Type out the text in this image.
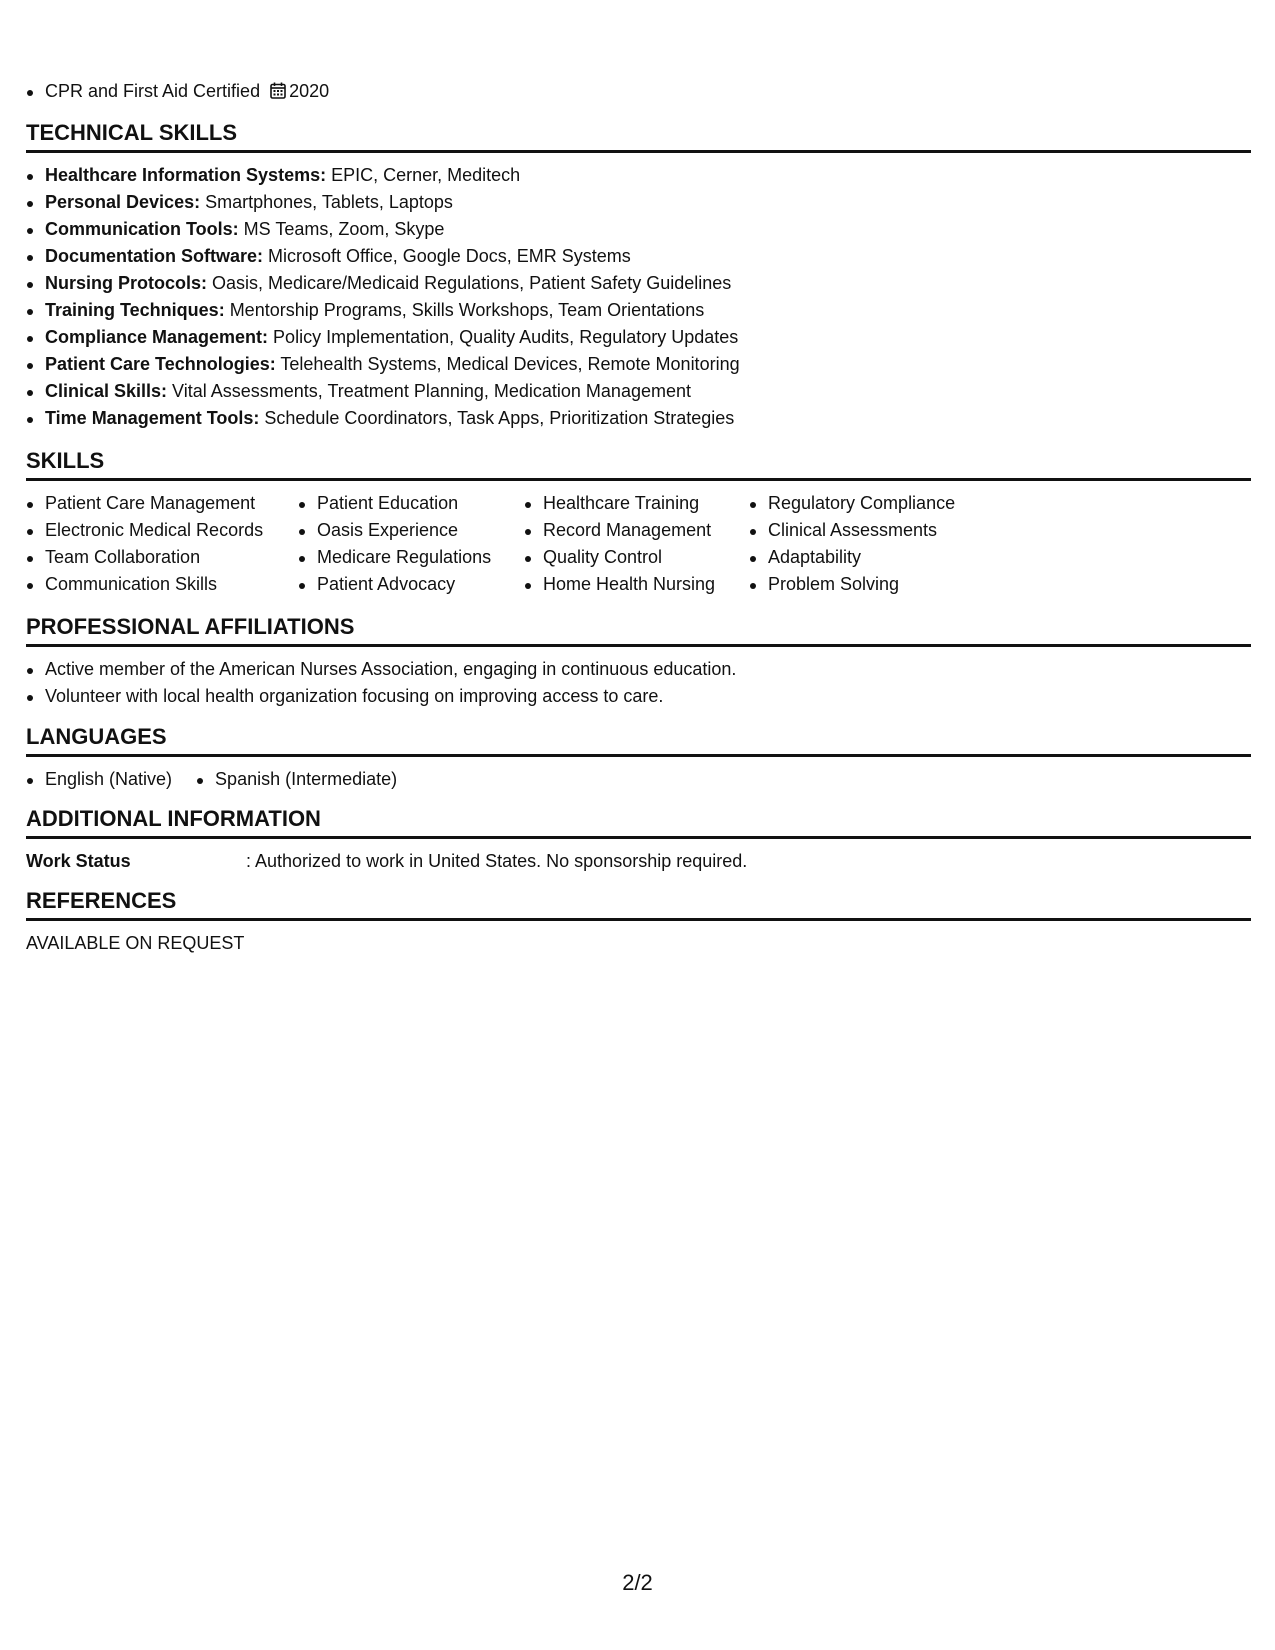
CPR and First Aid Certified 2020
TECHNICAL SKILLS
Healthcare Information Systems: EPIC, Cerner, Meditech
Personal Devices: Smartphones, Tablets, Laptops
Communication Tools: MS Teams, Zoom, Skype
Documentation Software: Microsoft Office, Google Docs, EMR Systems
Nursing Protocols: Oasis, Medicare/Medicaid Regulations, Patient Safety Guidelines
Training Techniques: Mentorship Programs, Skills Workshops, Team Orientations
Compliance Management: Policy Implementation, Quality Audits, Regulatory Updates
Patient Care Technologies: Telehealth Systems, Medical Devices, Remote Monitoring
Clinical Skills: Vital Assessments, Treatment Planning, Medication Management
Time Management Tools: Schedule Coordinators, Task Apps, Prioritization Strategies
SKILLS
Patient Care Management
Electronic Medical Records
Team Collaboration
Communication Skills
Patient Education
Oasis Experience
Medicare Regulations
Patient Advocacy
Healthcare Training
Record Management
Quality Control
Home Health Nursing
Regulatory Compliance
Clinical Assessments
Adaptability
Problem Solving
PROFESSIONAL AFFILIATIONS
Active member of the American Nurses Association, engaging in continuous education.
Volunteer with local health organization focusing on improving access to care.
LANGUAGES
English (Native)	Spanish (Intermediate)
ADDITIONAL INFORMATION
Work Status	: Authorized to work in United States. No sponsorship required.
REFERENCES
AVAILABLE ON REQUEST
2/2
